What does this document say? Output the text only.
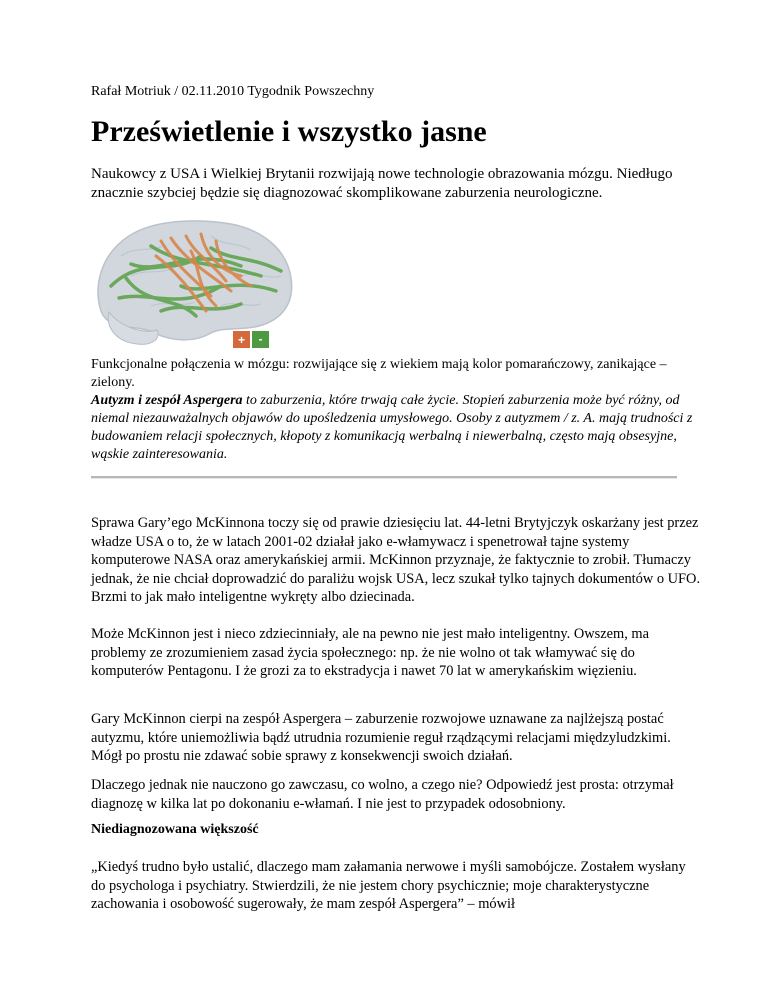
Rafał Motriuk / 02.11.2010 Tygodnik Powszechny
Prześwietlenie i wszystko jasne

Naukowcy z USA i Wielkiej Brytanii rozwijają nowe technologie obrazowania mózgu. Niedługo znacznie szybciej będzie się diagnozować skomplikowane zaburzenia neurologiczne.

+ -

Funkcjonalne połączenia w mózgu: rozwijające się z wiekiem mają kolor pomarańczowy, zanikające – zielony.
Autyzm i zespół Aspergera to zaburzenia, które trwają całe życie. Stopień zaburzenia może być różny, od niemal niezauważalnych objawów do upośledzenia umysłowego. Osoby z autyzmem / z. A. mają trudności z budowaniem relacji społecznych, kłopoty z komunikacją werbalną i niewerbalną, często mają obsesyjne, wąskie zainteresowania.

Sprawa Gary’ego McKinnona toczy się od prawie dziesięciu lat. 44-letni Brytyjczyk oskarżany jest przez władze USA o to, że w latach 2001-02 działał jako e-włamywacz i spenetrował tajne systemy komputerowe NASA oraz amerykańskiej armii. McKinnon przyznaje, że faktycznie to zrobił. Tłumaczy jednak, że nie chciał doprowadzić do paraliżu wojsk USA, lecz szukał tylko tajnych dokumentów o UFO. Brzmi to jak mało inteligentne wykręty albo dziecinada.

Może McKinnon jest i nieco zdziecinniały, ale na pewno nie jest mało inteligentny. Owszem, ma problemy ze zrozumieniem zasad życia społecznego: np. że nie wolno ot tak włamywać się do komputerów Pentagonu. I że grozi za to ekstradycja i nawet 70 lat w amerykańskim więzieniu.

Gary McKinnon cierpi na zespół Aspergera – zaburzenie rozwojowe uznawane za najlżejszą postać autyzmu, które uniemożliwia bądź utrudnia rozumienie reguł rządzącymi relacjami międzyludzkimi. Mógł po prostu nie zdawać sobie sprawy z konsekwencji swoich działań.

Dlaczego jednak nie nauczono go zawczasu, co wolno, a czego nie? Odpowiedź jest prosta: otrzymał diagnozę w kilka lat po dokonaniu e-włamań. I nie jest to przypadek odosobniony.

Niediagnozowana większość

„Kiedyś trudno było ustalić, dlaczego mam załamania nerwowe i myśli samobójcze. Zostałem wysłany do psychologa i psychiatry. Stwierdzili, że nie jestem chory psychicznie; moje charakterystyczne zachowania i osobowość sugerowały, że mam zespół Aspergera” – mówił
